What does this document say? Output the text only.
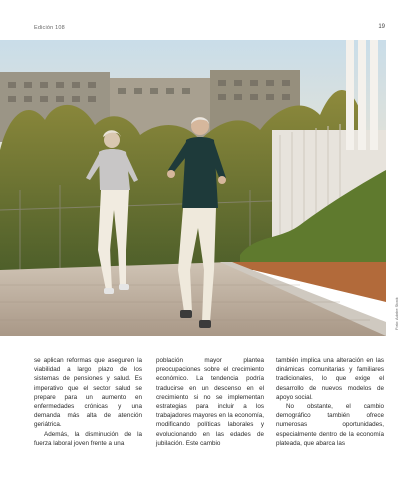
Edición 108	19
Foto: Adobe Stock

se aplican reformas que aseguren la viabilidad a largo plazo de los sistemas de pensiones y salud. Es imperativo que el sector salud se prepare para un aumento en enfermedades crónicas y una demanda más alta de atención geriátrica.

Además, la disminución de la fuerza laboral joven frente a una

población mayor plantea preocupaciones sobre el crecimiento económico. La tendencia podría traducirse en un descenso en el crecimiento si no se implementan estrategias para incluir a los trabajadores mayores en la economía, modificando políticas laborales y evolucionando en las edades de jubilación. Este cambio

también implica una alteración en las dinámicas comunitarias y familiares tradicionales, lo que exige el desarrollo de nuevos modelos de apoyo social.

No obstante, el cambio demográfico también ofrece numerosas oportunidades, especialmente dentro de la economía plateada, que abarca las
